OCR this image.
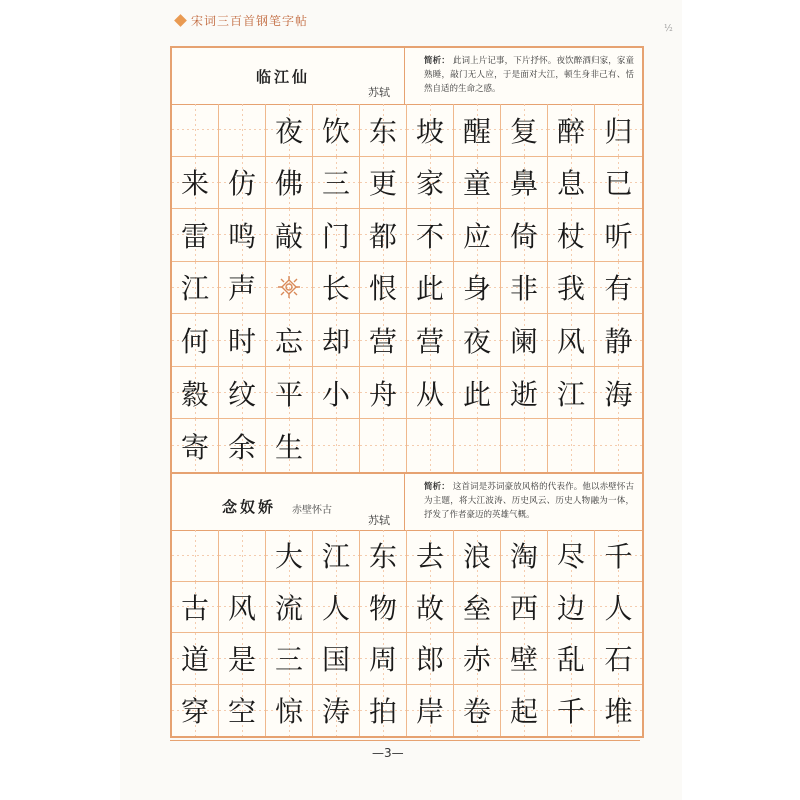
宋词三百首钢笔字帖
½
临江仙
苏轼
简析： 此词上片记事，下片抒怀。夜饮醉酒归家，家童熟睡，敲门无人应，于是面对大江，顿生身非己有、恬然自适的生命之感。
夜 饮 东 坡 醒 复 醉 归
来 仿 佛 三 更 家 童 鼻 息 已
雷 鸣 敲 门 都 不 应 倚 杖 听
江 声 长 恨 此 身 非 我 有
何 时 忘 却 营 营 夜 阑 风 静
縠 纹 平 小 舟 从 此 逝 江 海
寄 余 生
念奴娇 赤壁怀古
苏轼
简析： 这首词是苏词豪放风格的代表作。他以赤壁怀古为主题，将大江波涛、历史风云、历史人物融为一体，抒发了作者豪迈的英雄气概。
大 江 东 去 浪 淘 尽 千
古 风 流 人 物 故 垒 西 边 人
道 是 三 国 周 郎 赤 壁 乱 石
穿 空 惊 涛 拍 岸 卷 起 千 堆
—3—
